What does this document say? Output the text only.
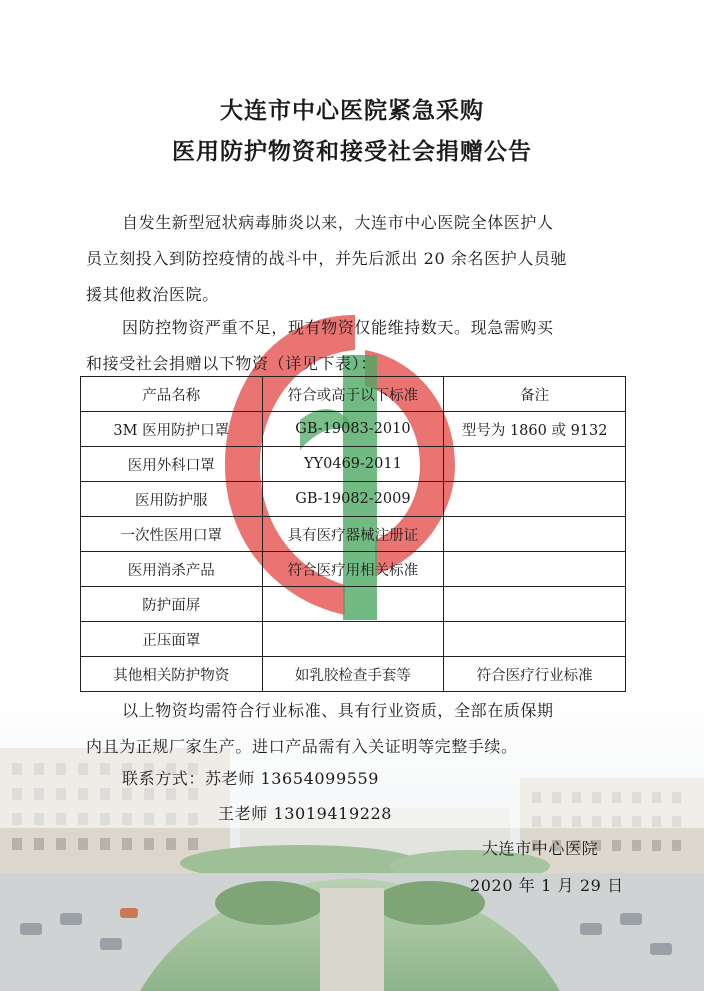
大连市中心医院紧急采购
医用防护物资和接受社会捐赠公告
自发生新型冠状病毒肺炎以来，大连市中心医院全体医护人
员立刻投入到防控疫情的战斗中，并先后派出 20 余名医护人员驰
援其他救治医院。
因防控物资严重不足，现有物资仅能维持数天。现急需购买
和接受社会捐赠以下物资（详见下表）：
产品名称	符合或高于以下标准	备注
3M 医用防护口罩	GB-19083-2010	型号为 1860 或 9132
医用外科口罩	YY0469-2011	
医用防护服	GB-19082-2009	
一次性医用口罩	具有医疗器械注册证	
医用消杀产品	符合医疗用相关标准	
防护面屏		
正压面罩		
其他相关防护物资	如乳胶检查手套等	符合医疗行业标准
以上物资均需符合行业标准、具有行业资质，全部在质保期
内且为正规厂家生产。进口产品需有入关证明等完整手续。
联系方式：苏老师 13654099559
王老师 13019419228
大连市中心医院
2020 年 1 月 29 日
